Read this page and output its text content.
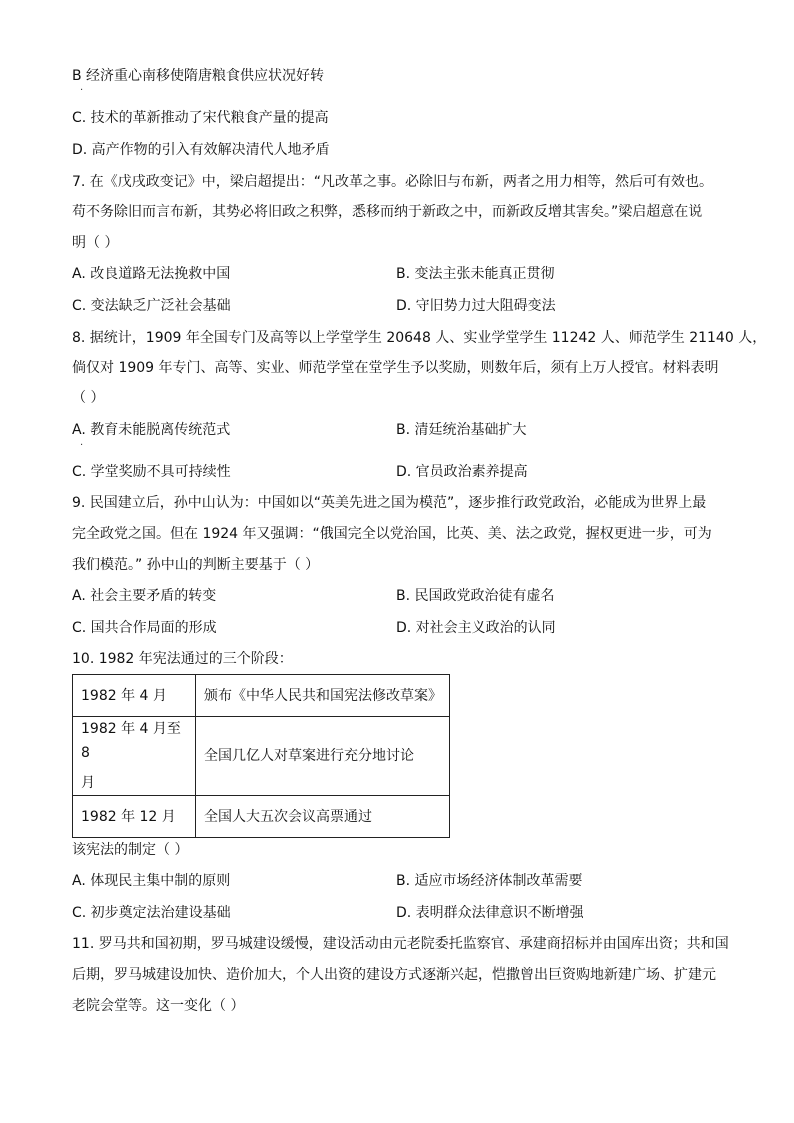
B 经济重心南移使隋唐粮食供应状况好转
·
C. 技术的革新推动了宋代粮食产量的提高
D. 高产作物的引入有效解决清代人地矛盾
7. 在《戊戌政变记》中，梁启超提出：“凡改革之事。必除旧与布新，两者之用力相等，然后可有效也。
苟不务除旧而言布新，其势必将旧政之积弊，悉移而纳于新政之中，而新政反增其害矣。”梁启超意在说
明（ ）
A. 改良道路无法挽救中国	B. 变法主张未能真正贯彻
C. 变法缺乏广泛社会基础	D. 守旧势力过大阻碍变法
8. 据统计，1909 年全国专门及高等以上学堂学生 20648 人、实业学堂学生 11242 人、师范学生 21140 人，
倘仅对 1909 年专门、高等、实业、师范学堂在堂学生予以奖励，则数年后，须有上万人授官。材料表明
（ ）
A. 教育未能脱离传统范式	B. 清廷统治基础扩大
·
C. 学堂奖励不具可持续性	D. 官员政治素养提高
9. 民国建立后，孙中山认为：中国如以“英美先进之国为模范”，逐步推行政党政治，必能成为世界上最
完全政党之国。但在 1924 年又强调：“俄国完全以党治国，比英、美、法之政党，握权更进一步，可为
我们模范。” 孙中山的判断主要基于（ ）
A. 社会主要矛盾的转变	B. 民国政党政治徒有虚名
C. 国共合作局面的形成	D. 对社会主义政治的认同
10. 1982 年宪法通过的三个阶段：
1982 年 4 月	颁布《中华人民共和国宪法修改草案》

1982 年 4 月至 8
月	全国几亿人对草案进行充分地讨论
1982 年 12 月	全国人大五次会议高票通过
该宪法的制定（ ）
A. 体现民主集中制的原则	B. 适应市场经济体制改革需要
C. 初步奠定法治建设基础	D. 表明群众法律意识不断增强
11. 罗马共和国初期，罗马城建设缓慢，建设活动由元老院委托监察官、承建商招标并由国库出资；共和国
后期，罗马城建设加快、造价加大，个人出资的建设方式逐渐兴起，恺撒曾出巨资购地新建广场、扩建元
老院会堂等。这一变化（ ）
